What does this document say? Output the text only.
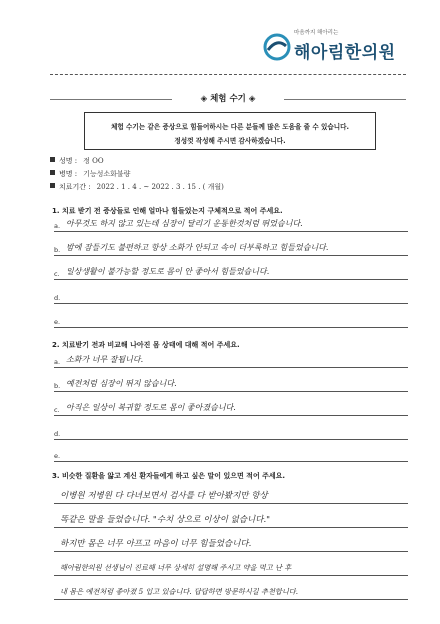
마음까지 해아리는
해아림한의원
◈ 체험 수기 ◈
체험 수기는 같은 증상으로 힘들어하시는 다른 분들께 많은 도움을 줄 수 있습니다.
정성껏 작성해 주시면 감사하겠습니다.
성명 : 정 OO
병명 : 기능성소화불량
치료기간 : 2022 . 1 . 4 . ~ 2022 . 3 . 15 . ( 개월)
1. 치료 받기 전 증상들로 인해 얼마나 힘들었는지 구체적으로 적어 주세요.
a. 아무것도 하지 않고 있는데 심장이 달리기 운동한것처럼 뛰었습니다.
b. 밤에 잠들기도 불편하고 항상 소화가 안되고 속이 더부룩하고 힘들었습니다.
c. 일상생활이 불가능할 정도로 몸이 안 좋아서 힘들었습니다.
d.
e.
2. 치료받기 전과 비교해 나아진 몸 상태에 대해 적어 주세요.
a. 소화가 너무 잘됩니다.
b. 예전처럼 심장이 뛰지 않습니다.
c. 아직은 일상이 복귀할 정도로 몸이 좋아졌습니다.
d.
e.
3. 비슷한 질환을 앓고 계신 환자들에게 하고 싶은 말이 있으면 적어 주세요.
이병원 저병원 다 다녀보면서 검사를 다 받아봤지만 항상
똑같은 말을 들었습니다. "수치 상으로 이상이 없습니다."
하지만 몸은 너무 아프고 마음이 너무 힘들었습니다.
해아림한의원 선생님이 진료해 너무 상세히 설명해 주시고 약을 먹고 난 후
내 몸은 예전처럼 좋아졌 5 입고 있습니다. 답답하면 방문하시길 추천합니다.
